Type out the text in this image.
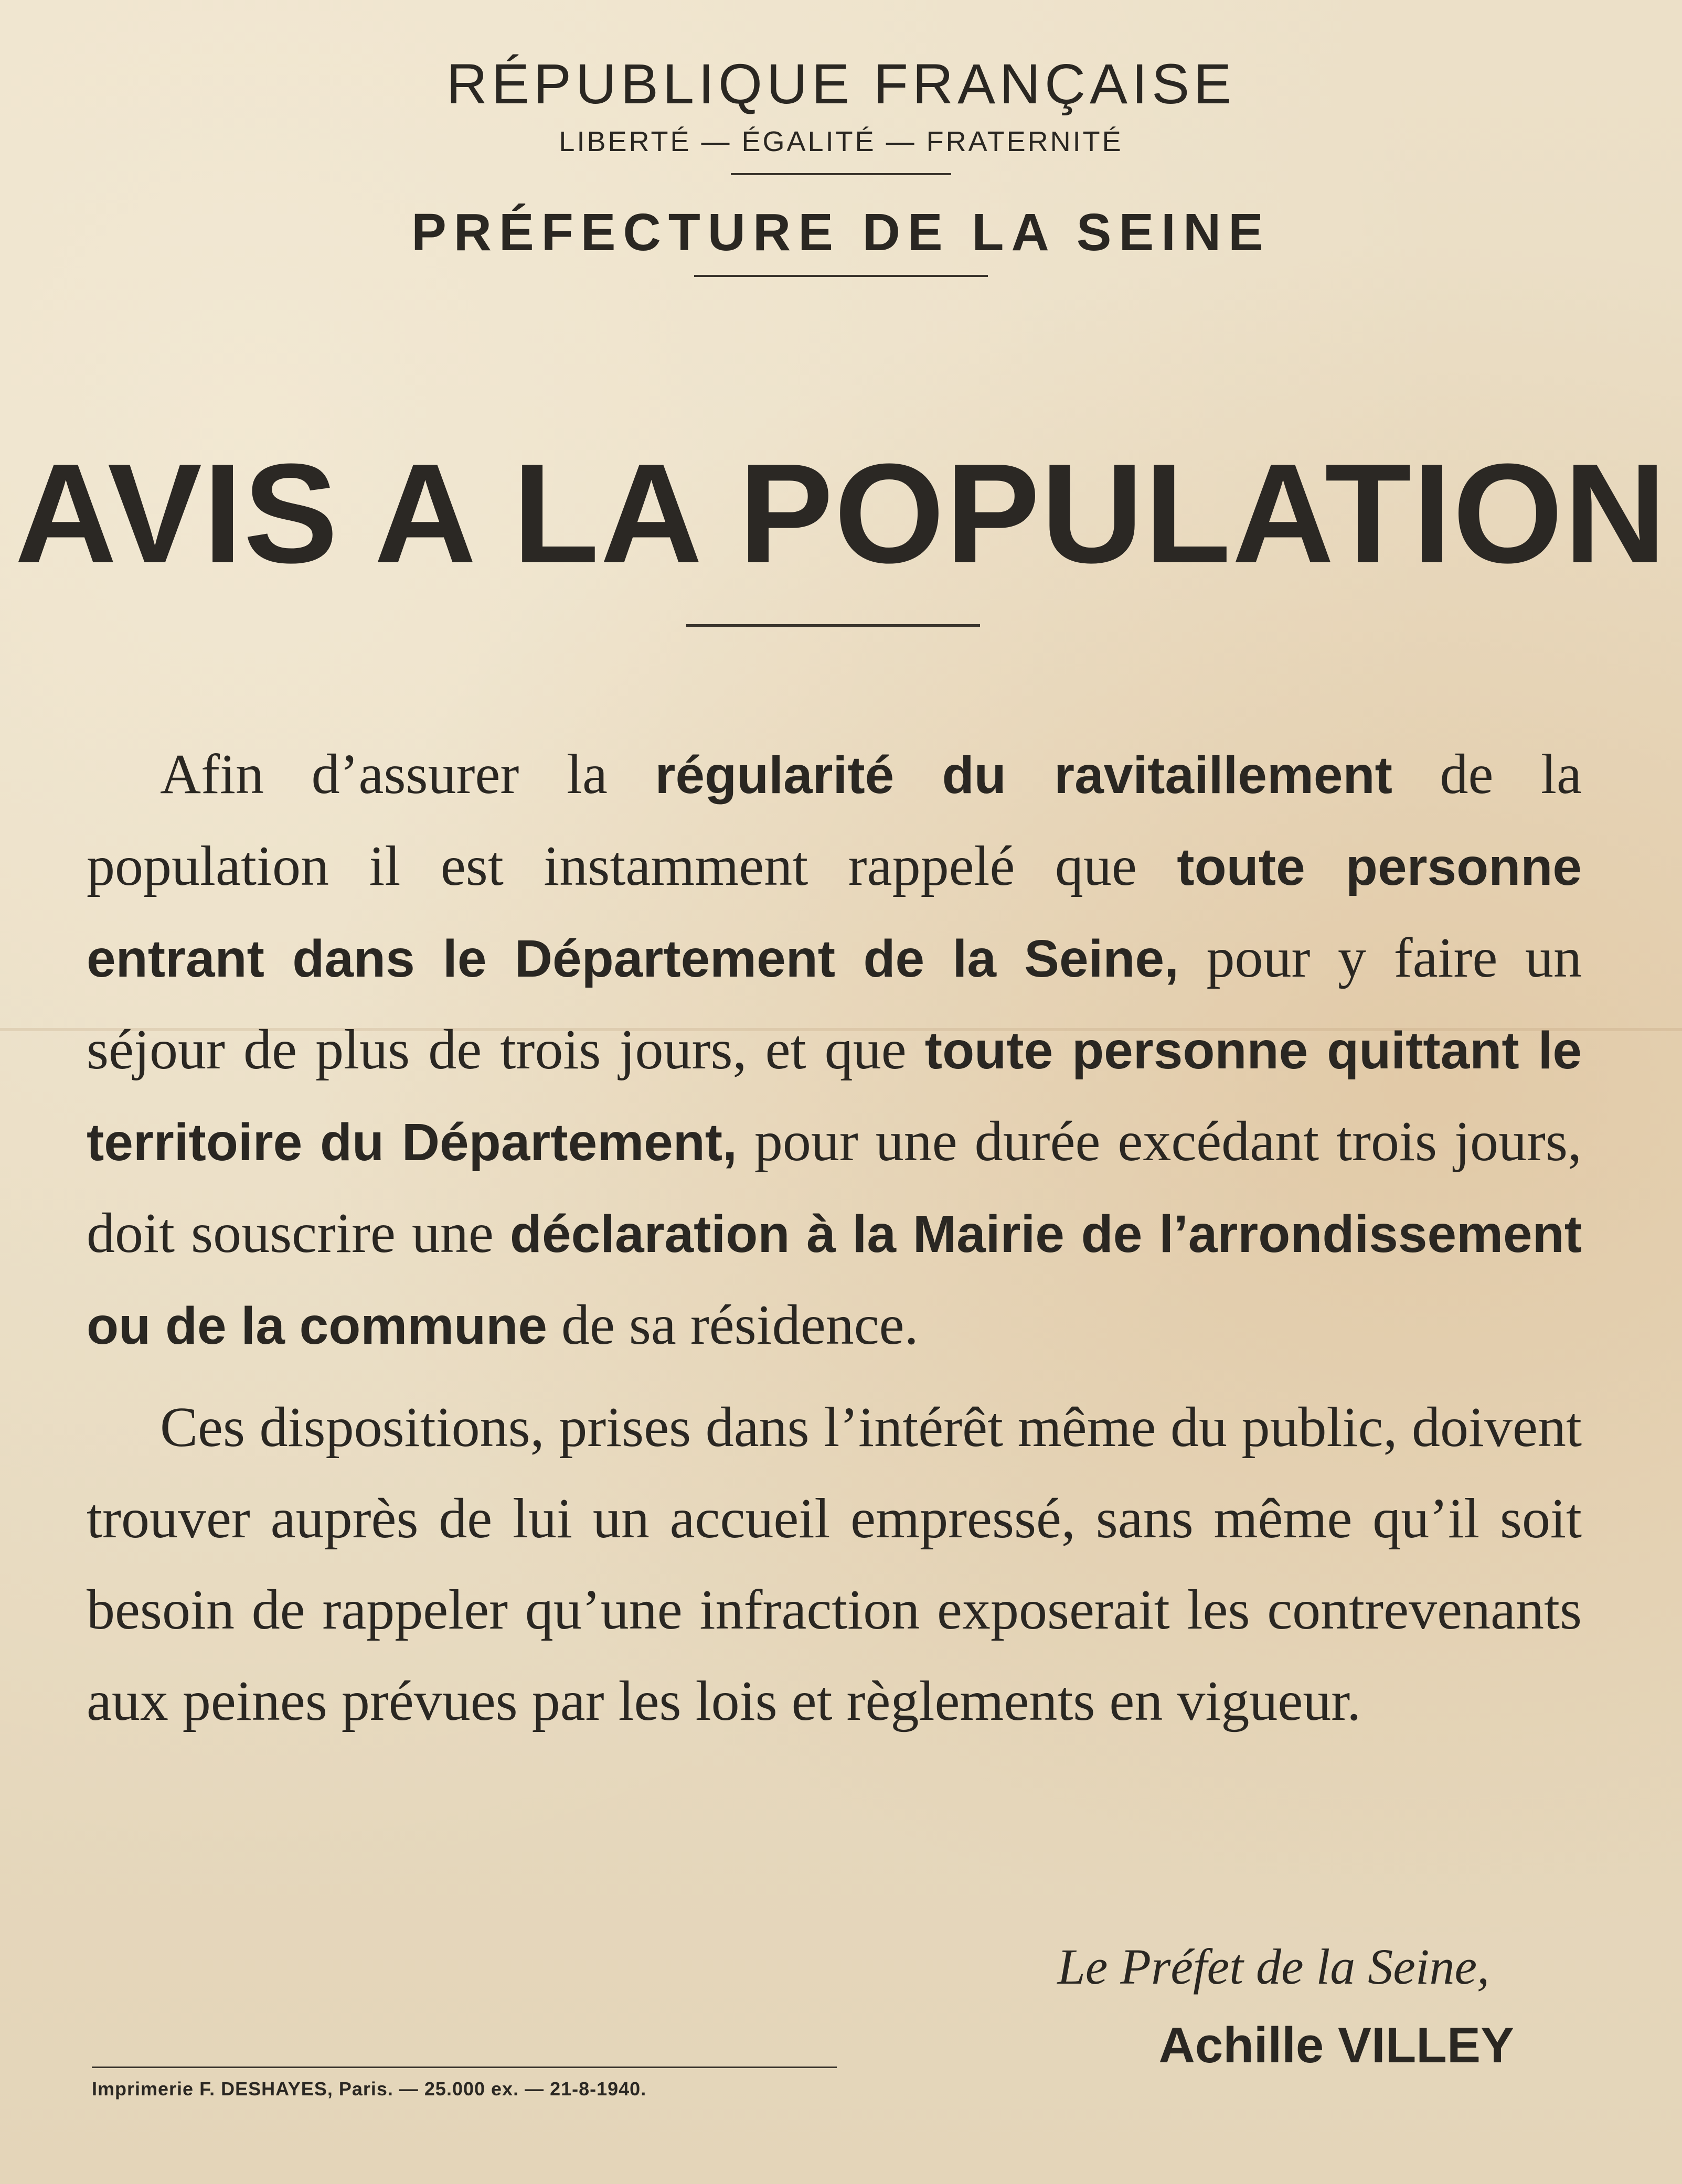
RÉPUBLIQUE FRANÇAISE

LIBERTÉ — ÉGALITÉ — FRATERNITÉ

PRÉFECTURE DE LA SEINE

AVIS A LA POPULATION

Afin d’assurer la régularité du ravitaillement de la population il est instamment rappelé que toute personne entrant dans le Département de la Seine, pour y faire un séjour de plus de trois jours, et que toute personne quittant le territoire du Département, pour une durée excédant trois jours, doit souscrire une déclaration à la Mairie de l’arrondissement ou de la commune de sa résidence.

Ces dispositions, prises dans l’intérêt même du public, doivent trouver auprès de lui un accueil empressé, sans même qu’il soit besoin de rappeler qu’une infraction exposerait les contrevenants aux peines prévues par les lois et règlements en vigueur.

Le Préfet de la Seine,

Achille VILLEY

Imprimerie F. DESHAYES, Paris. — 25.000 ex. — 21-8-1940.
